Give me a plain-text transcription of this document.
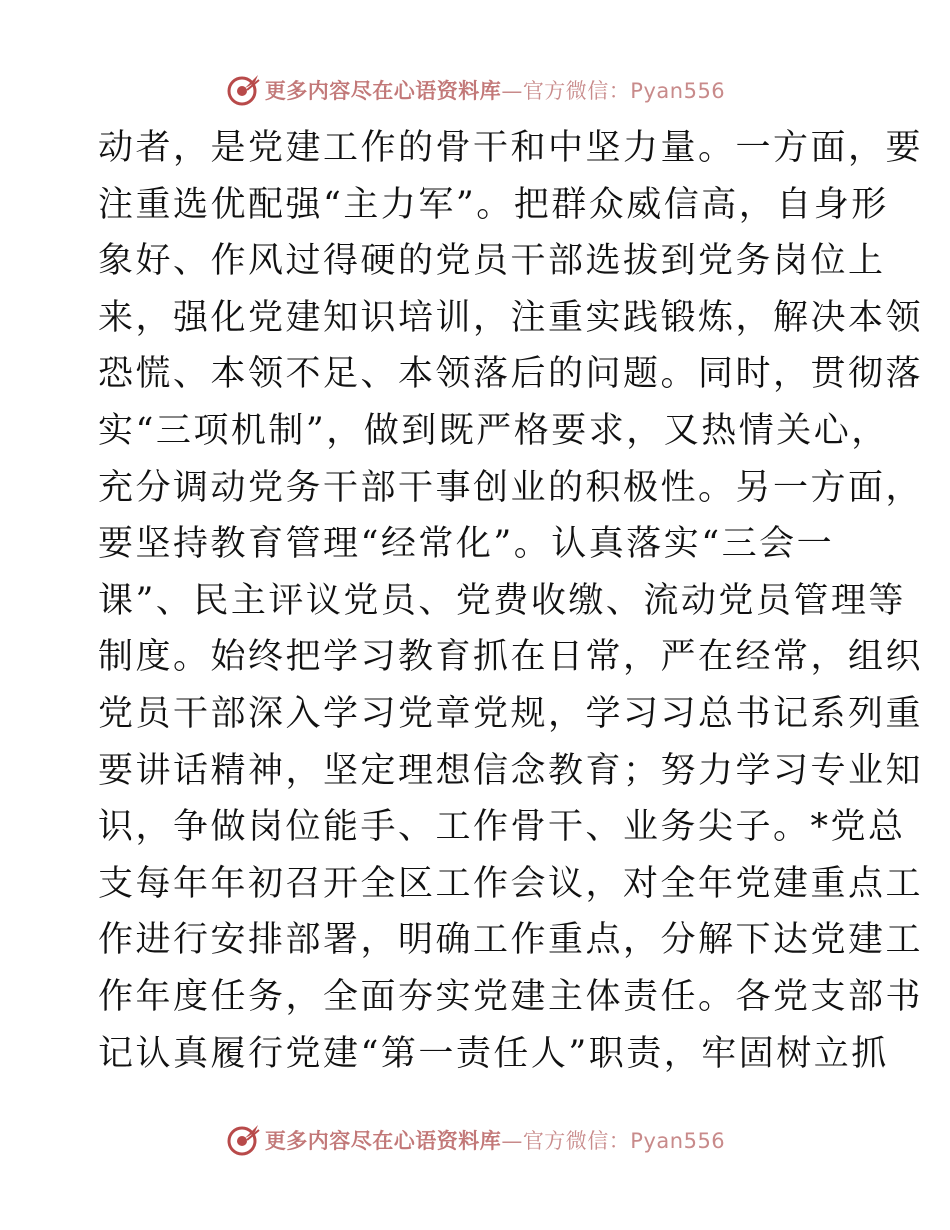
更多内容尽在心语资料库—官方微信：Pyan556
动者，是党建工作的骨干和中坚力量。一方面，要
注重选优配强“主力军”。把群众威信高，自身形
象好、作风过得硬的党员干部选拔到党务岗位上
来，强化党建知识培训，注重实践锻炼，解决本领
恐慌、本领不足、本领落后的问题。同时，贯彻落
实“三项机制”，做到既严格要求，又热情关心，
充分调动党务干部干事创业的积极性。另一方面，
要坚持教育管理“经常化”。认真落实“三会一
课”、民主评议党员、党费收缴、流动党员管理等
制度。始终把学习教育抓在日常，严在经常，组织
党员干部深入学习党章党规，学习习总书记系列重
要讲话精神，坚定理想信念教育；努力学习专业知
识，争做岗位能手、工作骨干、业务尖子。*党总
支每年年初召开全区工作会议，对全年党建重点工
作进行安排部署，明确工作重点，分解下达党建工
作年度任务，全面夯实党建主体责任。各党支部书
记认真履行党建“第一责任人”职责，牢固树立抓
更多内容尽在心语资料库—官方微信：Pyan556
